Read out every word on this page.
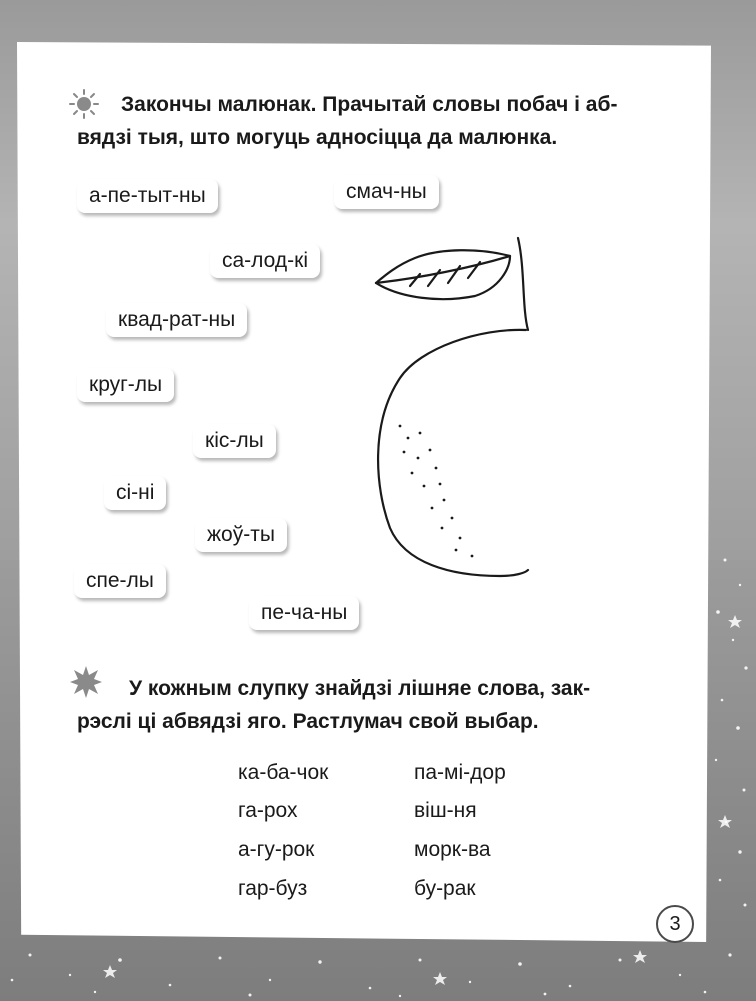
Закончы малюнак. Прачытай словы побач і аб-
вядзі тыя, што могуць адносіцца да малюнка.
а-пе-тыт-ны	смач-ны
са-лод-кі
квад-рат-ны
круг-лы
кіс-лы
сі-ні
жоў-ты
спе-лы
пе-ча-ны
У кожным слупку знайдзі лішняе слова, зак-
рэслі ці абвядзі яго. Растлумач свой выбар.
ка-ба-чок
га-рох
а-гу-рок
гар-буз
па-мі-дор
віш-ня
морк-ва
бу-рак
3
